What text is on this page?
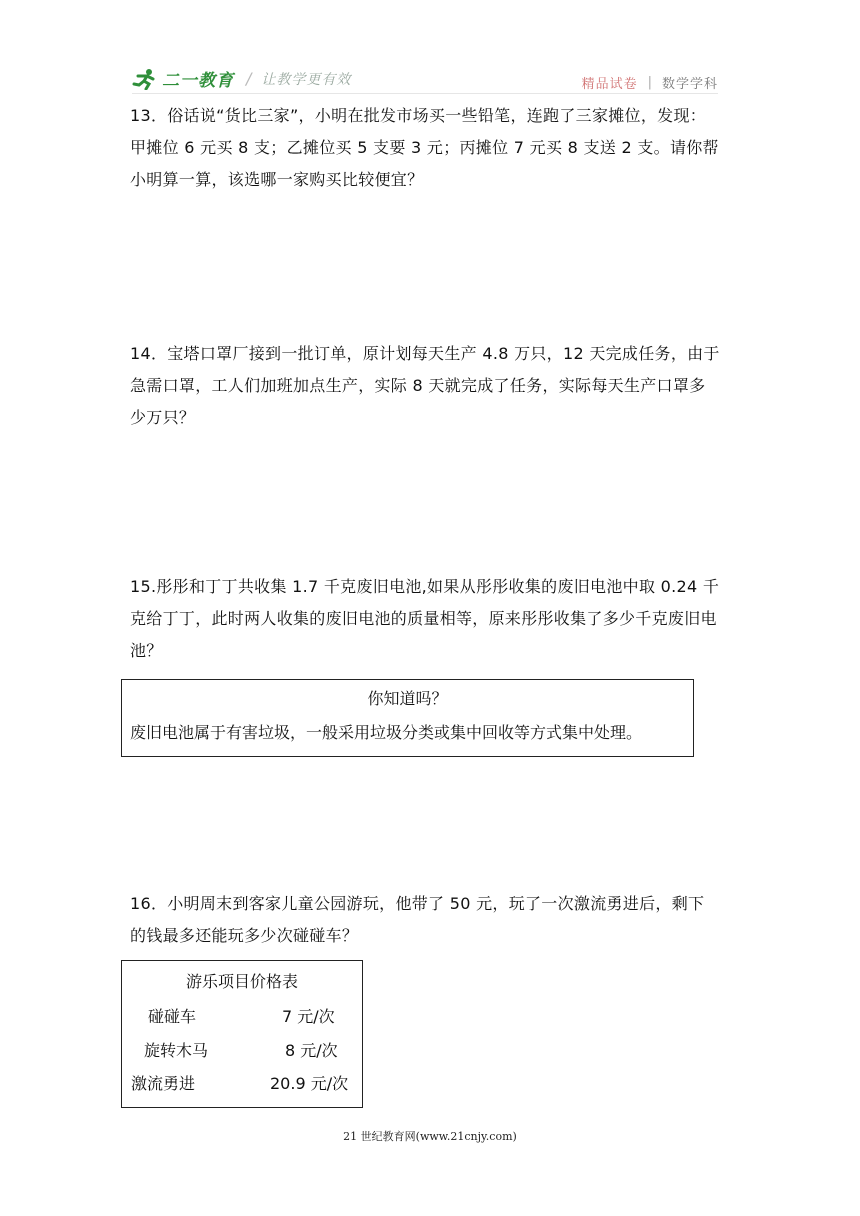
二一教育 / 让教学更有效	精品试卷 | 数学学科
13．俗话说“货比三家”，小明在批发市场买一些铅笔，连跑了三家摊位，发现：甲摊位 6 元买 8 支；乙摊位买 5 支要 3 元；丙摊位 7 元买 8 支送 2 支。请你帮小明算一算，该选哪一家购买比较便宜？
14．宝塔口罩厂接到一批订单，原计划每天生产 4.8 万只，12 天完成任务，由于急需口罩，工人们加班加点生产，实际 8 天就完成了任务，实际每天生产口罩多少万只？
15.彤彤和丁丁共收集 1.7 千克废旧电池,如果从彤彤收集的废旧电池中取 0.24 千克给丁丁，此时两人收集的废旧电池的质量相等，原来彤彤收集了多少千克废旧电池？
你知道吗？
废旧电池属于有害垃圾，一般采用垃圾分类或集中回收等方式集中处理。
16．小明周末到客家儿童公园游玩，他带了 50 元，玩了一次激流勇进后，剩下的钱最多还能玩多少次碰碰车？
游乐项目价格表
碰碰车	7 元/次
旋转木马	8 元/次
激流勇进	20.9 元/次
21 世纪教育网(www.21cnjy.com)
